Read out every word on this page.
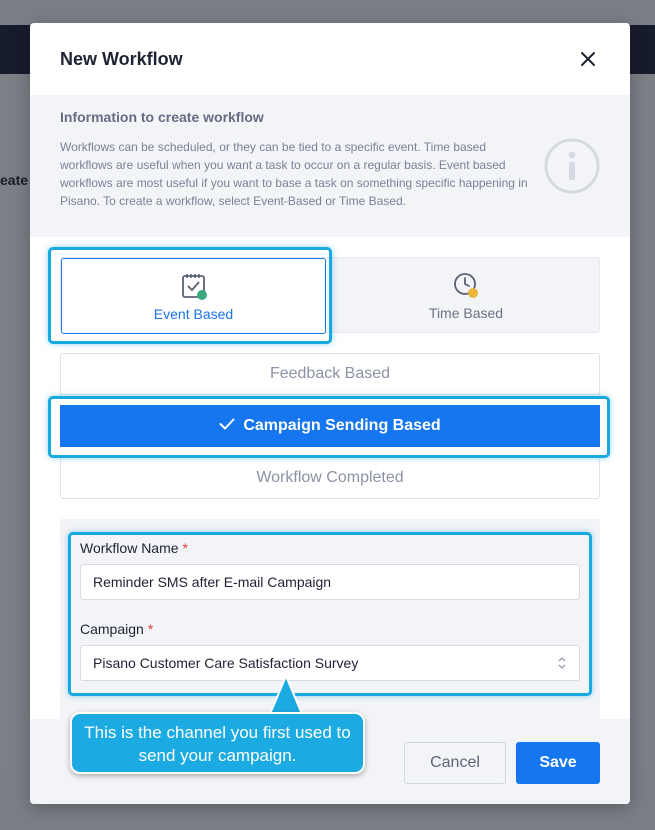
eate
New Workflow
Information to create workflow
Workflows can be scheduled, or they can be tied to a specific event. Time based workflows are useful when you want a task to occur on a regular basis. Event based workflows are most useful if you want to base a task on something specific happening in Pisano. To create a workflow, select Event-Based or Time Based.
Event Based	Time Based
Feedback Based
Campaign Sending Based
Workflow Completed
Workflow Name *
Reminder SMS after E-mail Campaign
Campaign *
Pisano Customer Care Satisfaction Survey
Cancel	Save
This is the channel you first used to send your campaign.
